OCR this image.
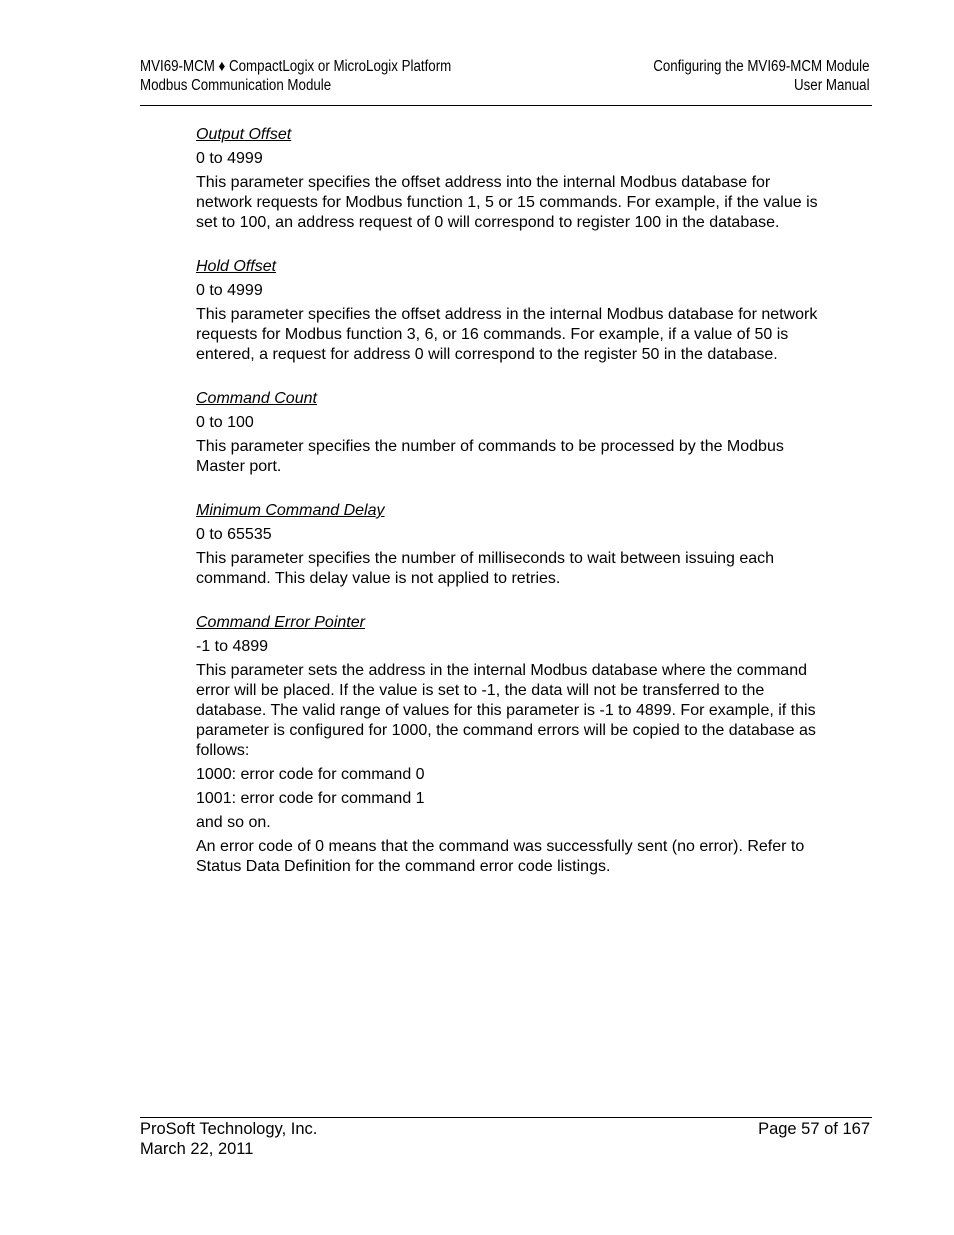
MVI69-MCM ♦ CompactLogix or MicroLogix Platform
Modbus Communication Module
Configuring the MVI69-MCM Module
User Manual
Output Offset
0 to 4999
This parameter specifies the offset address into the internal Modbus database for network requests for Modbus function 1, 5 or 15 commands. For example, if the value is set to 100, an address request of 0 will correspond to register 100 in the database.
Hold Offset
0 to 4999
This parameter specifies the offset address in the internal Modbus database for network requests for Modbus function 3, 6, or 16 commands. For example, if a value of 50 is entered, a request for address 0 will correspond to the register 50 in the database.
Command Count
0 to 100
This parameter specifies the number of commands to be processed by the Modbus Master port.
Minimum Command Delay
0 to 65535
This parameter specifies the number of milliseconds to wait between issuing each command. This delay value is not applied to retries.
Command Error Pointer
-1 to 4899
This parameter sets the address in the internal Modbus database where the command error will be placed. If the value is set to -1, the data will not be transferred to the database. The valid range of values for this parameter is -1 to 4899. For example, if this parameter is configured for 1000, the command errors will be copied to the database as follows:
1000: error code for command 0
1001: error code for command 1
and so on.
An error code of 0 means that the command was successfully sent (no error). Refer to Status Data Definition for the command error code listings.
ProSoft Technology, Inc.
March 22, 2011
Page 57 of 167
